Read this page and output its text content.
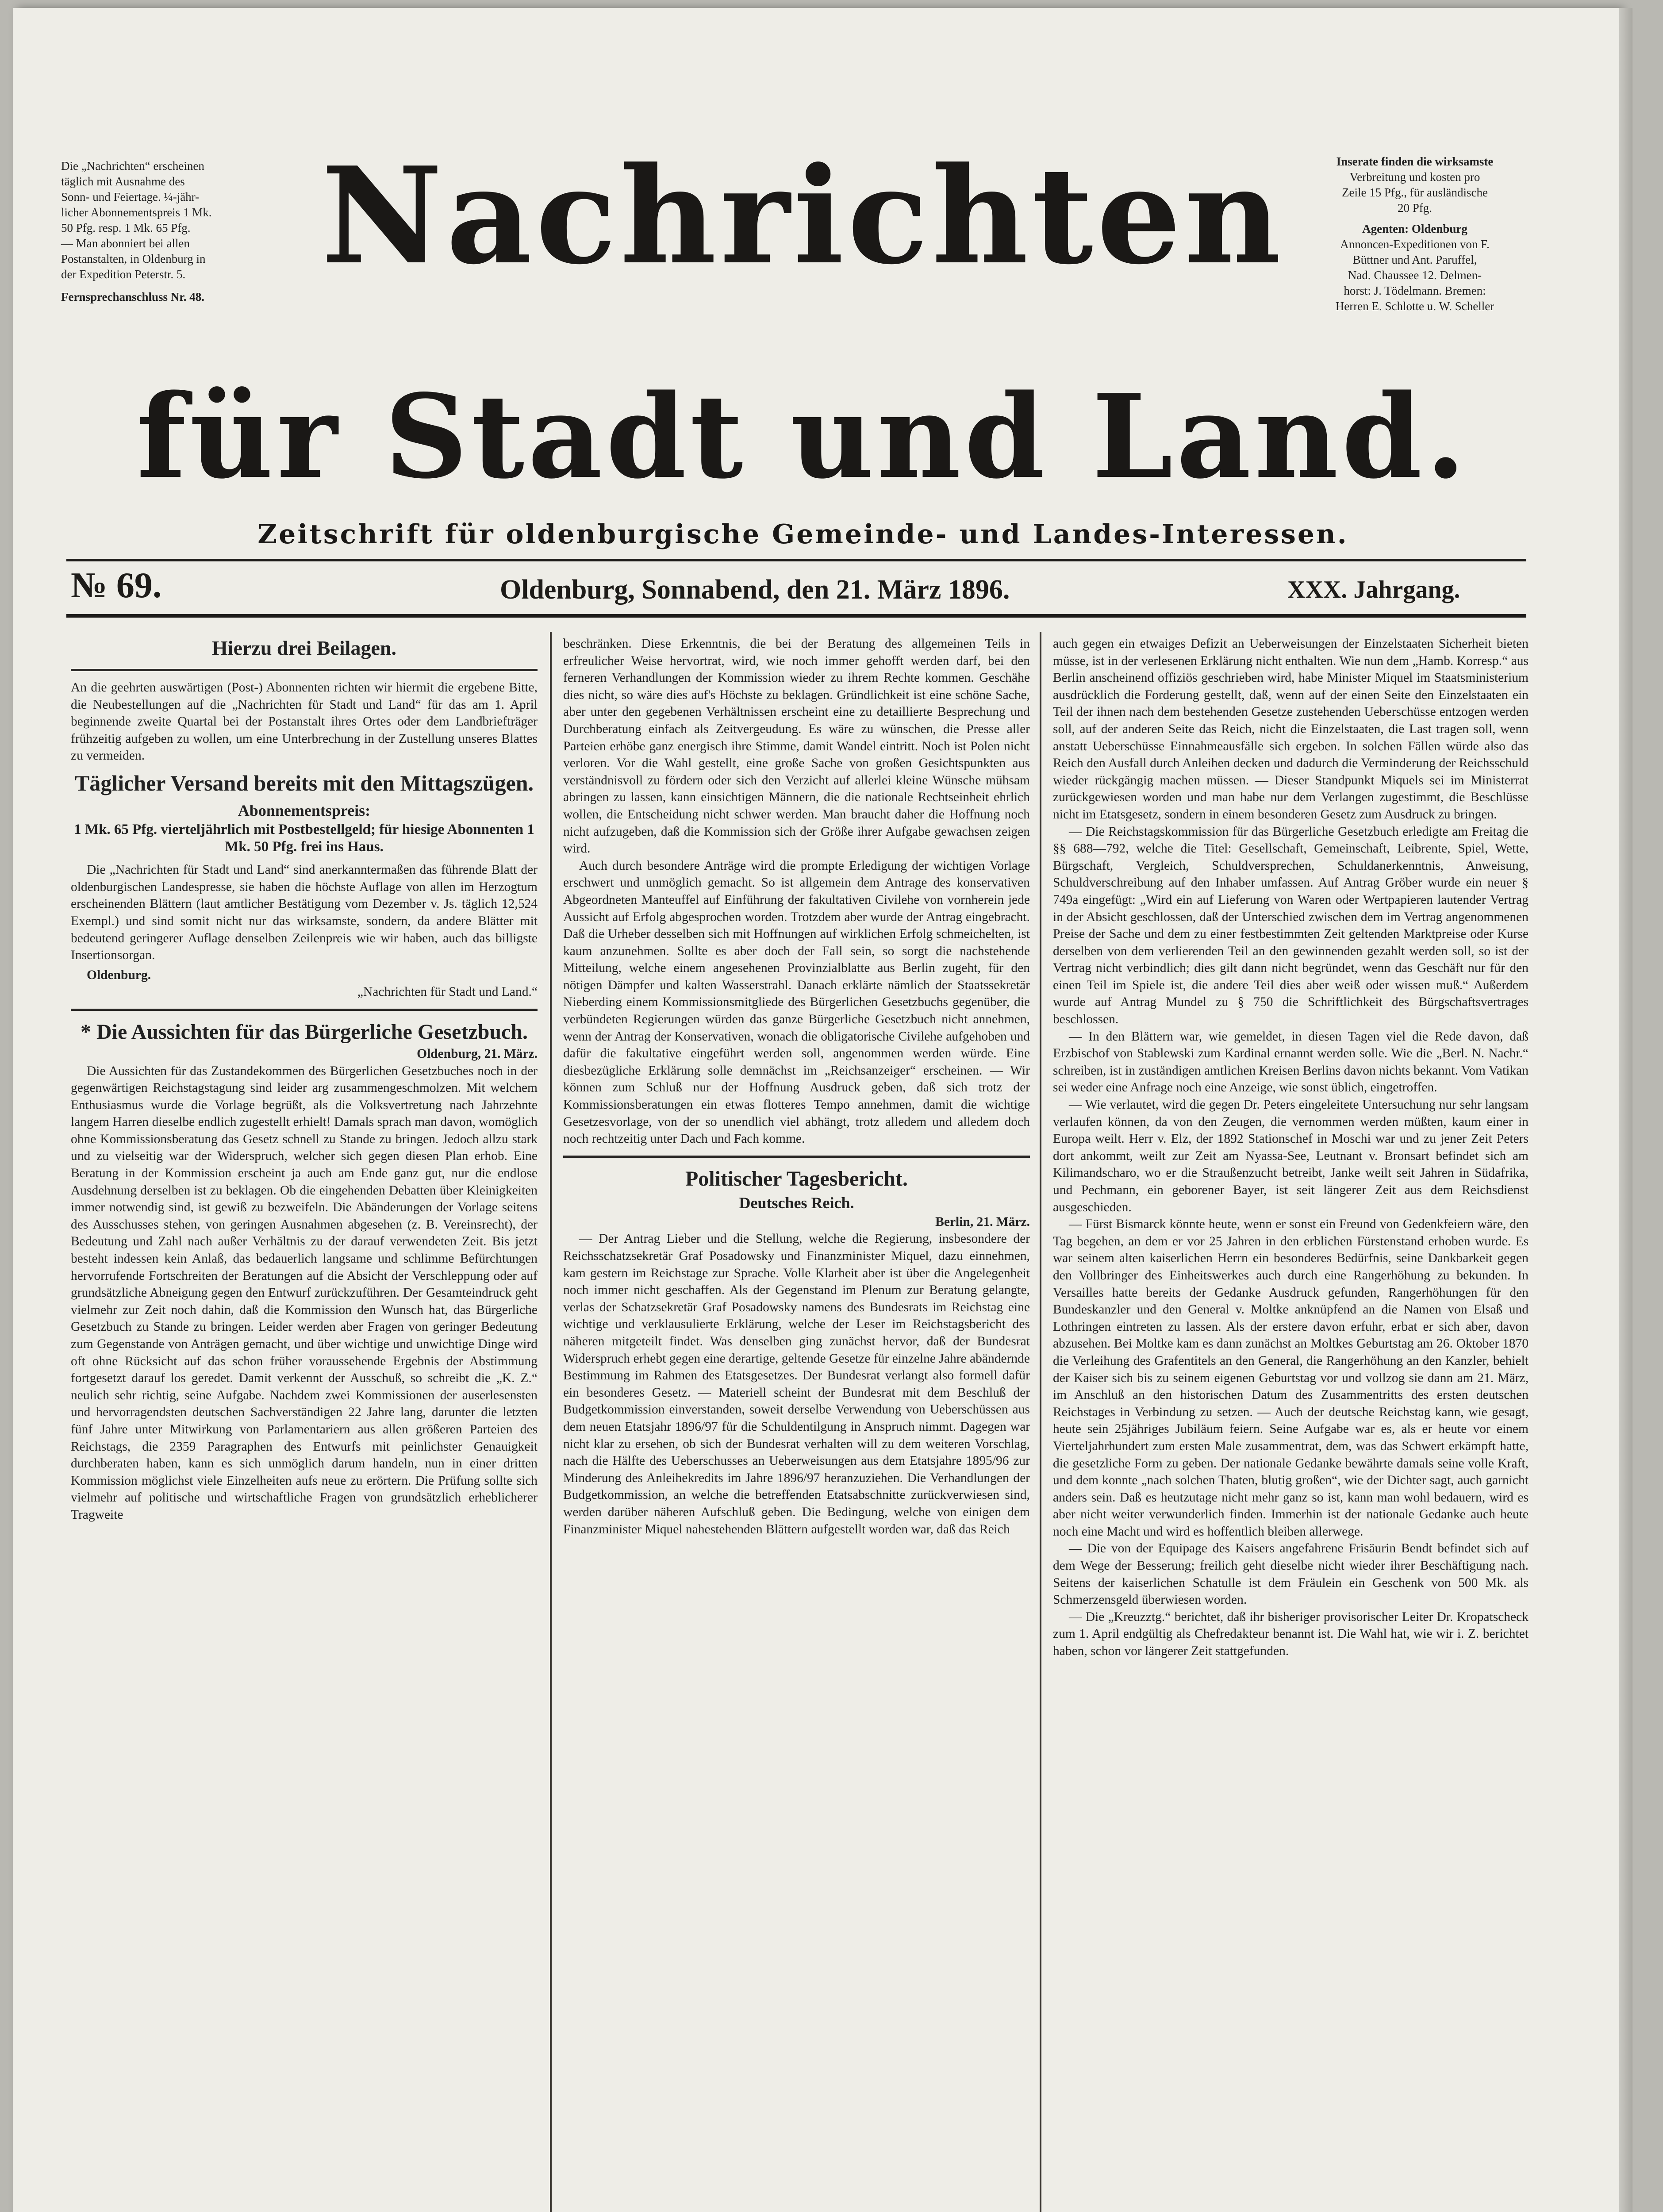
Die „Nachrichten“ erscheinen

täglich mit Ausnahme des

Sonn- und Feiertage. ¼-jähr-

licher Abonnementspreis 1 Mk.

50 Pfg. resp. 1 Mk. 65 Pfg.

— Man abonniert bei allen

Postanstalten, in Oldenburg in

der Expedition Peterstr. 5.

Fernsprechanschluss Nr. 48.

Inserate finden die wirksamste

Verbreitung und kosten pro

Zeile 15 Pfg., für ausländische

20 Pfg.

Agenten: Oldenburg

Annoncen-Expeditionen von F.

Büttner und Ant. Paruffel,

Nad. Chaussee 12. Delmen-

horst: J. Tödelmann. Bremen:

Herren E. Schlotte u. W. Scheller

Nachrichten
für Stadt und Land.
Zeitschrift für oldenburgische Gemeinde- und Landes-Interessen.
№ 69.	Oldenburg, Sonnabend, den 21. März 1896.	XXX. Jahrgang.
Hierzu drei Beilagen.

An die geehrten auswärtigen (Post-) Abonnenten richten wir hiermit die ergebene Bitte, die Neubestellungen auf die „Nachrichten für Stadt und Land“ für das am 1. April beginnende zweite Quartal bei der Postanstalt ihres Ortes oder dem Landbriefträger frühzeitig aufgeben zu wollen, um eine Unterbrechung in der Zustellung unseres Blattes zu vermeiden.

Täglicher Versand bereits mit den Mittagszügen.
Abonnementspreis:

1 Mk. 65 Pfg. vierteljährlich mit Postbestellgeld; für hiesige Abonnenten 1 Mk. 50 Pfg. frei ins Haus.

Die „Nachrichten für Stadt und Land“ sind anerkanntermaßen das führende Blatt der oldenburgischen Landespresse, sie haben die höchste Auflage von allen im Herzogtum erscheinenden Blättern (laut amtlicher Bestätigung vom Dezember v. Js. täglich 12,524 Exempl.) und sind somit nicht nur das wirksamste, sondern, da andere Blätter mit bedeutend geringerer Auflage denselben Zeilenpreis wie wir haben, auch das billigste Insertionsorgan.

Oldenburg.

„Nachrichten für Stadt und Land.“

* Die Aussichten für das Bürgerliche Gesetzbuch.

Oldenburg, 21. März.

Die Aussichten für das Zustandekommen des Bürgerlichen Gesetzbuches noch in der gegenwärtigen Reichstagstagung sind leider arg zusammengeschmolzen. Mit welchem Enthusiasmus wurde die Vorlage begrüßt, als die Volksvertretung nach Jahrzehnte langem Harren dieselbe endlich zugestellt erhielt! Damals sprach man davon, womöglich ohne Kommissionsberatung das Gesetz schnell zu Stande zu bringen. Jedoch allzu stark und zu vielseitig war der Widerspruch, welcher sich gegen diesen Plan erhob. Eine Beratung in der Kommission erscheint ja auch am Ende ganz gut, nur die endlose Ausdehnung derselben ist zu beklagen. Ob die eingehenden Debatten über Kleinigkeiten immer notwendig sind, ist gewiß zu bezweifeln. Die Abänderungen der Vorlage seitens des Ausschusses stehen, von geringen Ausnahmen abgesehen (z. B. Vereinsrecht), der Bedeutung und Zahl nach außer Verhältnis zu der darauf verwendeten Zeit. Bis jetzt besteht indessen kein Anlaß, das bedauerlich langsame und schlimme Befürchtungen hervorrufende Fortschreiten der Beratungen auf die Absicht der Verschleppung oder auf grundsätzliche Abneigung gegen den Entwurf zurückzuführen. Der Gesamteindruck geht vielmehr zur Zeit noch dahin, daß die Kommission den Wunsch hat, das Bürgerliche Gesetzbuch zu Stande zu bringen. Leider werden aber Fragen von geringer Bedeutung zum Gegenstande von Anträgen gemacht, und über wichtige und unwichtige Dinge wird oft ohne Rücksicht auf das schon früher voraussehende Ergebnis der Abstimmung fortgesetzt darauf los geredet. Damit verkennt der Ausschuß, so schreibt die „K. Z.“ neulich sehr richtig, seine Aufgabe. Nachdem zwei Kommissionen der auserlesensten und hervorragendsten deutschen Sachverständigen 22 Jahre lang, darunter die letzten fünf Jahre unter Mitwirkung von Parlamentariern aus allen größeren Parteien des Reichstags, die 2359 Paragraphen des Entwurfs mit peinlichster Genauigkeit durchberaten haben, kann es sich unmöglich darum handeln, nun in einer dritten Kommission möglichst viele Einzelheiten aufs neue zu erörtern. Die Prüfung sollte sich vielmehr auf politische und wirtschaftliche Fragen von grundsätzlich erheblicherer Tragweite

beschränken. Diese Erkenntnis, die bei der Beratung des allgemeinen Teils in erfreulicher Weise hervortrat, wird, wie noch immer gehofft werden darf, bei den ferneren Verhandlungen der Kommission wieder zu ihrem Rechte kommen. Geschähe dies nicht, so wäre dies auf's Höchste zu beklagen. Gründlichkeit ist eine schöne Sache, aber unter den gegebenen Verhältnissen erscheint eine zu detaillierte Besprechung und Durchberatung einfach als Zeitvergeudung. Es wäre zu wünschen, die Presse aller Parteien erhöbe ganz energisch ihre Stimme, damit Wandel eintritt. Noch ist Polen nicht verloren. Vor die Wahl gestellt, eine große Sache von großen Gesichtspunkten aus verständnisvoll zu fördern oder sich den Verzicht auf allerlei kleine Wünsche mühsam abringen zu lassen, kann einsichtigen Männern, die die nationale Rechtseinheit ehrlich wollen, die Entscheidung nicht schwer werden. Man braucht daher die Hoffnung noch nicht aufzugeben, daß die Kommission sich der Größe ihrer Aufgabe gewachsen zeigen wird.

Auch durch besondere Anträge wird die prompte Erledigung der wichtigen Vorlage erschwert und unmöglich gemacht. So ist allgemein dem Antrage des konservativen Abgeordneten Manteuffel auf Einführung der fakultativen Civilehe von vornherein jede Aussicht auf Erfolg abgesprochen worden. Trotzdem aber wurde der Antrag eingebracht. Daß die Urheber desselben sich mit Hoffnungen auf wirklichen Erfolg schmeichelten, ist kaum anzunehmen. Sollte es aber doch der Fall sein, so sorgt die nachstehende Mitteilung, welche einem angesehenen Provinzialblatte aus Berlin zugeht, für den nötigen Dämpfer und kalten Wasserstrahl. Danach erklärte nämlich der Staatssekretär Nieberding einem Kommissionsmitgliede des Bürgerlichen Gesetzbuchs gegenüber, die verbündeten Regierungen würden das ganze Bürgerliche Gesetzbuch nicht annehmen, wenn der Antrag der Konservativen, wonach die obligatorische Civilehe aufgehoben und dafür die fakultative eingeführt werden soll, angenommen werden würde. Eine diesbezügliche Erklärung solle demnächst im „Reichsanzeiger“ erscheinen. — Wir können zum Schluß nur der Hoffnung Ausdruck geben, daß sich trotz der Kommissionsberatungen ein etwas flotteres Tempo annehmen, damit die wichtige Gesetzesvorlage, von der so unendlich viel abhängt, trotz alledem und alledem doch noch rechtzeitig unter Dach und Fach komme.

Politischer Tagesbericht.
Deutsches Reich.

Berlin, 21. März.

— Der Antrag Lieber und die Stellung, welche die Regierung, insbesondere der Reichsschatzsekretär Graf Posadowsky und Finanzminister Miquel, dazu einnehmen, kam gestern im Reichstage zur Sprache. Volle Klarheit aber ist über die Angelegenheit noch immer nicht geschaffen. Als der Gegenstand im Plenum zur Beratung gelangte, verlas der Schatzsekretär Graf Posadowsky namens des Bundesrats im Reichstag eine wichtige und verklausulierte Erklärung, welche der Leser im Reichstagsbericht des näheren mitgeteilt findet. Was denselben ging zunächst hervor, daß der Bundesrat Widerspruch erhebt gegen eine derartige, geltende Gesetze für einzelne Jahre abändernde Bestimmung im Rahmen des Etatsgesetzes. Der Bundesrat verlangt also formell dafür ein besonderes Gesetz. — Materiell scheint der Bundesrat mit dem Beschluß der Budgetkommission einverstanden, soweit derselbe Verwendung von Ueberschüssen aus dem neuen Etatsjahr 1896/97 für die Schuldentilgung in Anspruch nimmt. Dagegen war nicht klar zu ersehen, ob sich der Bundesrat verhalten will zu dem weiteren Vorschlag, nach die Hälfte des Ueberschusses an Ueberweisungen aus dem Etatsjahre 1895/96 zur Minderung des Anleihekredits im Jahre 1896/97 heranzuziehen. Die Verhandlungen der Budgetkommission, an welche die betreffenden Etatsabschnitte zurückverwiesen sind, werden darüber näheren Aufschluß geben. Die Bedingung, welche von einigen dem Finanzminister Miquel nahestehenden Blättern aufgestellt worden war, daß das Reich

auch gegen ein etwaiges Defizit an Ueberweisungen der Einzelstaaten Sicherheit bieten müsse, ist in der verlesenen Erklärung nicht enthalten. Wie nun dem „Hamb. Korresp.“ aus Berlin anscheinend offiziös geschrieben wird, habe Minister Miquel im Staatsministerium ausdrücklich die Forderung gestellt, daß, wenn auf der einen Seite den Einzelstaaten ein Teil der ihnen nach dem bestehenden Gesetze zustehenden Ueberschüsse entzogen werden soll, auf der anderen Seite das Reich, nicht die Einzelstaaten, die Last tragen soll, wenn anstatt Ueberschüsse Einnahmeausfälle sich ergeben. In solchen Fällen würde also das Reich den Ausfall durch Anleihen decken und dadurch die Verminderung der Reichsschuld wieder rückgängig machen müssen. — Dieser Standpunkt Miquels sei im Ministerrat zurückgewiesen worden und man habe nur dem Verlangen zugestimmt, die Beschlüsse nicht im Etatsgesetz, sondern in einem besonderen Gesetz zum Ausdruck zu bringen.

— Die Reichstagskommission für das Bürgerliche Gesetzbuch erledigte am Freitag die §§ 688—792, welche die Titel: Gesellschaft, Gemeinschaft, Leibrente, Spiel, Wette, Bürgschaft, Vergleich, Schuldversprechen, Schuldanerkenntnis, Anweisung, Schuldverschreibung auf den Inhaber umfassen. Auf Antrag Gröber wurde ein neuer § 749a eingefügt: „Wird ein auf Lieferung von Waren oder Wertpapieren lautender Vertrag in der Absicht geschlossen, daß der Unterschied zwischen dem im Vertrag angenommenen Preise der Sache und dem zu einer festbestimmten Zeit geltenden Marktpreise oder Kurse derselben von dem verlierenden Teil an den gewinnenden gezahlt werden soll, so ist der Vertrag nicht verbindlich; dies gilt dann nicht begründet, wenn das Geschäft nur für den einen Teil im Spiele ist, die andere Teil dies aber weiß oder wissen muß.“ Außerdem wurde auf Antrag Mundel zu § 750 die Schriftlichkeit des Bürgschaftsvertrages beschlossen.

— In den Blättern war, wie gemeldet, in diesen Tagen viel die Rede davon, daß Erzbischof von Stablewski zum Kardinal ernannt werden solle. Wie die „Berl. N. Nachr.“ schreiben, ist in zuständigen amtlichen Kreisen Berlins davon nichts bekannt. Vom Vatikan sei weder eine Anfrage noch eine Anzeige, wie sonst üblich, eingetroffen.

— Wie verlautet, wird die gegen Dr. Peters eingeleitete Untersuchung nur sehr langsam verlaufen können, da von den Zeugen, die vernommen werden müßten, kaum einer in Europa weilt. Herr v. Elz, der 1892 Stationschef in Moschi war und zu jener Zeit Peters dort ankommt, weilt zur Zeit am Nyassa-See, Leutnant v. Bronsart befindet sich am Kilimandscharo, wo er die Straußenzucht betreibt, Janke weilt seit Jahren in Südafrika, und Pechmann, ein geborener Bayer, ist seit längerer Zeit aus dem Reichsdienst ausgeschieden.

— Fürst Bismarck könnte heute, wenn er sonst ein Freund von Gedenkfeiern wäre, den Tag begehen, an dem er vor 25 Jahren in den erblichen Fürstenstand erhoben wurde. Es war seinem alten kaiserlichen Herrn ein besonderes Bedürfnis, seine Dankbarkeit gegen den Vollbringer des Einheitswerkes auch durch eine Rangerhöhung zu bekunden. In Versailles hatte bereits der Gedanke Ausdruck gefunden, Rangerhöhungen für den Bundeskanzler und den General v. Moltke anknüpfend an die Namen von Elsaß und Lothringen eintreten zu lassen. Als der erstere davon erfuhr, erbat er sich aber, davon abzusehen. Bei Moltke kam es dann zunächst an Moltkes Geburtstag am 26. Oktober 1870 die Verleihung des Grafentitels an den General, die Rangerhöhung an den Kanzler, behielt der Kaiser sich bis zu seinem eigenen Geburtstag vor und vollzog sie dann am 21. März, im Anschluß an den historischen Datum des Zusammentritts des ersten deutschen Reichstages in Verbindung zu setzen. — Auch der deutsche Reichstag kann, wie gesagt, heute sein 25jähriges Jubiläum feiern. Seine Aufgabe war es, als er heute vor einem Vierteljahrhundert zum ersten Male zusammentrat, dem, was das Schwert erkämpft hatte, die gesetzliche Form zu geben. Der nationale Gedanke bewährte damals seine volle Kraft, und dem konnte „nach solchen Thaten, blutig großen“, wie der Dichter sagt, auch garnicht anders sein. Daß es heutzutage nicht mehr ganz so ist, kann man wohl bedauern, wird es aber nicht weiter verwunderlich finden. Immerhin ist der nationale Gedanke auch heute noch eine Macht und wird es hoffentlich bleiben allerwege.

— Die von der Equipage des Kaisers angefahrene Frisäurin Bendt befindet sich auf dem Wege der Besserung; freilich geht dieselbe nicht wieder ihrer Beschäftigung nach. Seitens der kaiserlichen Schatulle ist dem Fräulein ein Geschenk von 500 Mk. als Schmerzensgeld überwiesen worden.

— Die „Kreuzztg.“ berichtet, daß ihr bisheriger provisorischer Leiter Dr. Kropatscheck zum 1. April endgültig als Chefredakteur benannt ist. Die Wahl hat, wie wir i. Z. berichtet haben, schon vor längerer Zeit stattgefunden.
